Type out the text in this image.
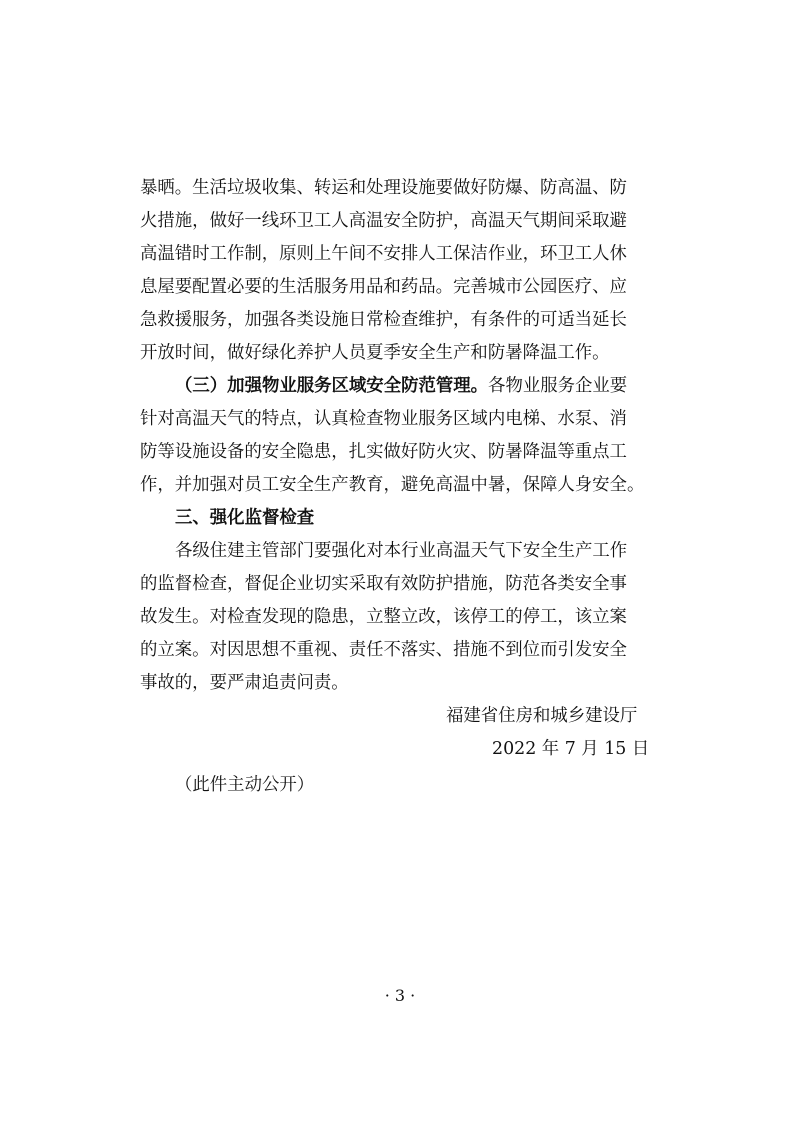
暴晒。生活垃圾收集、转运和处理设施要做好防爆、防高温、防
火措施，做好一线环卫工人高温安全防护，高温天气期间采取避
高温错时工作制，原则上午间不安排人工保洁作业，环卫工人休
息屋要配置必要的生活服务用品和药品。完善城市公园医疗、应
急救援服务，加强各类设施日常检查维护，有条件的可适当延长
开放时间，做好绿化养护人员夏季安全生产和防暑降温工作。
（三）加强物业服务区域安全防范管理。各物业服务企业要
针对高温天气的特点，认真检查物业服务区域内电梯、水泵、消
防等设施设备的安全隐患，扎实做好防火灾、防暑降温等重点工
作，并加强对员工安全生产教育，避免高温中暑，保障人身安全。
三、强化监督检查
各级住建主管部门要强化对本行业高温天气下安全生产工作
的监督检查，督促企业切实采取有效防护措施，防范各类安全事
故发生。对检查发现的隐患，立整立改，该停工的停工，该立案
的立案。对因思想不重视、责任不落实、措施不到位而引发安全
事故的，要严肃追责问责。
福建省住房和城乡建设厅
2022 年 7 月 15 日
（此件主动公开）
· 3 ·
